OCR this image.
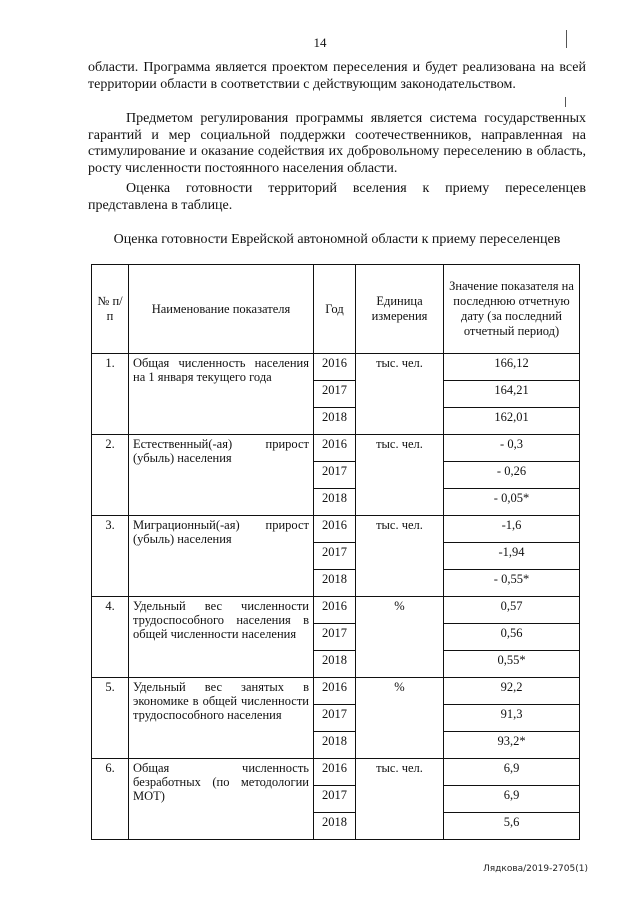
14

области. Программа является проектом переселения и будет реализована на всей территории области в соответствии с действующим законодательством.

Предметом регулирования программы является система государственных гарантий и мер социальной поддержки соотечественников, направленная на стимулирование и оказание содействия их добровольному переселению в область, росту численности постоянного населения области.

Оценка готовности территорий вселения к приему переселенцев представлена в таблице.

Оценка готовности Еврейской автономной области к приему переселенцев
№ п/п	Наименование показателя	Год	Единица измерения	Значение показателя на последнюю отчетную дату (за последний отчетный период)
1.	Общая численность населения на 1 января текущего года	2016	тыс. чел.	166,12
		2017		164,21
		2018		162,01
2.	Естественный(-ая) прирост (убыль) населения	2016	тыс. чел.	- 0,3
		2017		- 0,26
		2018		- 0,05*
3.	Миграционный(-ая) прирост (убыль) населения	2016	тыс. чел.	-1,6
		2017		-1,94
		2018		- 0,55*
4.	Удельный вес численности трудоспособного населения в общей численности населения	2016	%	0,57
		2017		0,56
		2018		0,55*
5.	Удельный вес занятых в экономике в общей численности трудоспособного населения	2016	%	92,2
		2017		91,3
		2018		93,2*
6.	Общая численность безработных (по методологии МОТ)	2016	тыс. чел.	6,9
		2017		6,9
		2018		5,6
Лядкова/2019-2705(1)
